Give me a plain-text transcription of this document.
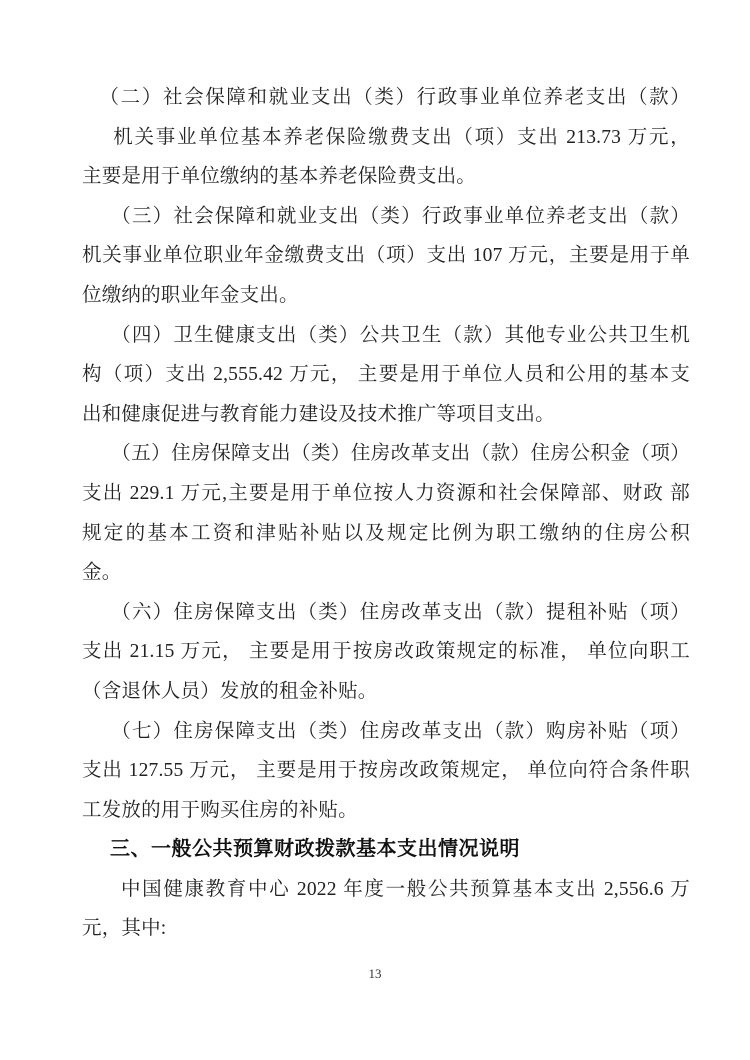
（二）社会保障和就业支出（类）行政事业单位养老支出（款）
机关事业单位基本养老保险缴费支出（项）支出 213.73 万元，
主要是用于单位缴纳的基本养老保险费支出。
（三）社会保障和就业支出（类）行政事业单位养老支出（款）
机关事业单位职业年金缴费支出（项）支出 107 万元，主要是用于单
位缴纳的职业年金支出。
（四）卫生健康支出（类）公共卫生（款）其他专业公共卫生机
构（项）支出 2,555.42 万元， 主要是用于单位人员和公用的基本支
出和健康促进与教育能力建设及技术推广等项目支出。
（五）住房保障支出（类）住房改革支出（款）住房公积金（项）
支出 229.1 万元,主要是用于单位按人力资源和社会保障部、财政 部
规定的基本工资和津贴补贴以及规定比例为职工缴纳的住房公积
金。
（六）住房保障支出（类）住房改革支出（款）提租补贴（项）
支出 21.15 万元， 主要是用于按房改政策规定的标准， 单位向职工
（含退休人员）发放的租金补贴。
（七）住房保障支出（类）住房改革支出（款）购房补贴（项）
支出 127.55 万元， 主要是用于按房改政策规定， 单位向符合条件职
工发放的用于购买住房的补贴。
三、一般公共预算财政拨款基本支出情况说明
中国健康教育中心 2022 年度一般公共预算基本支出 2,556.6 万
元，其中:
13
